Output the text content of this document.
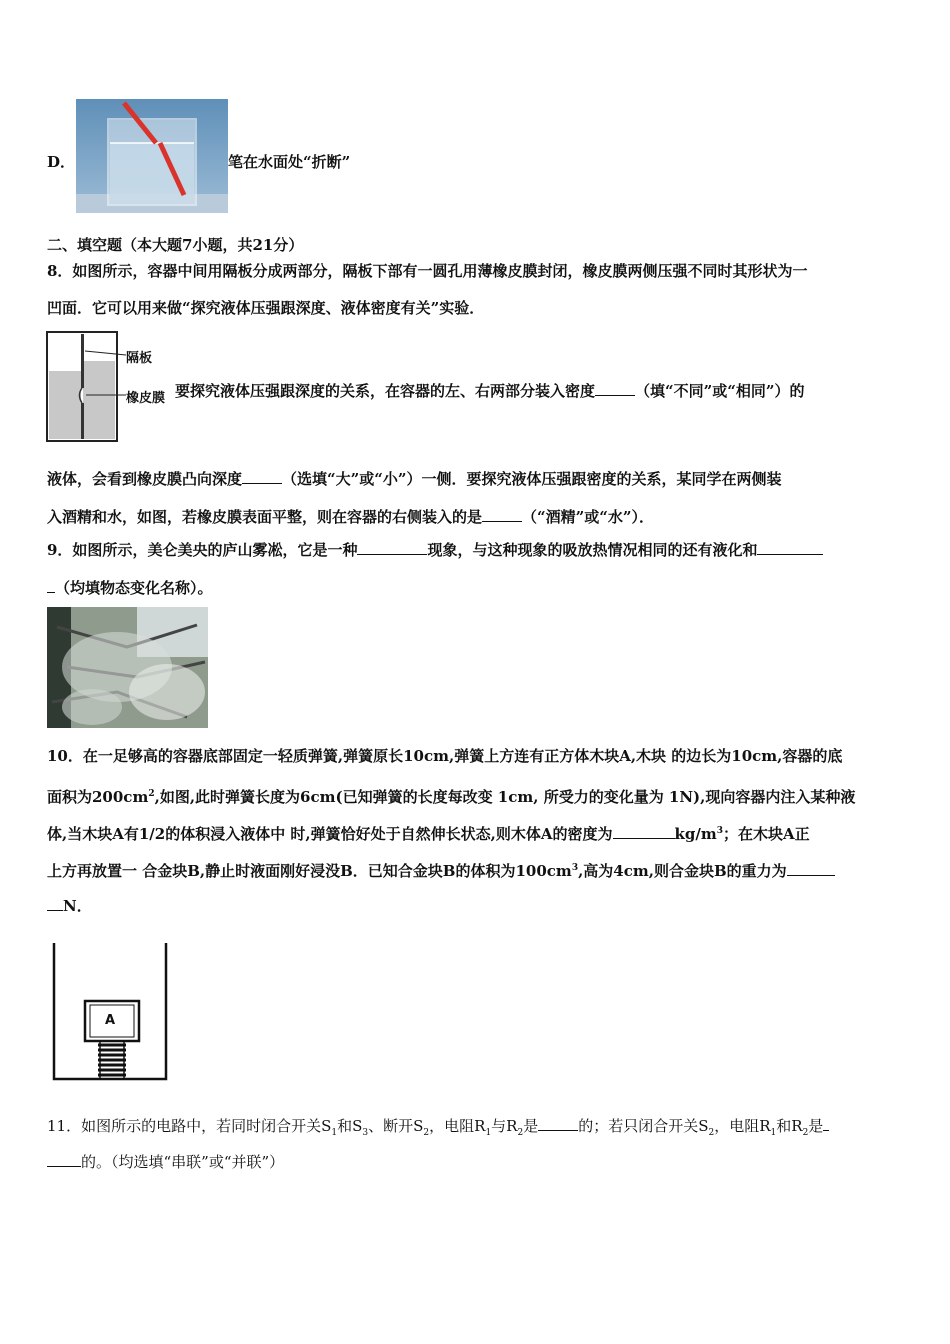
D．	笔在水面处“折断”
二、填空题（本大题7小题，共21分）
8．如图所示，容器中间用隔板分成两部分，隔板下部有一圆孔用薄橡皮膜封闭，橡皮膜两侧压强不同时其形状为一
凹面．它可以用来做“探究液体压强跟深度、液体密度有关”实验．
隔板
橡皮膜 要探究液体压强跟深度的关系，在容器的左、右两部分装入密度	（填“不同”或“相同”）的
液体，会看到橡皮膜凸向深度	（选填“大”或“小”）一侧．要探究液体压强跟密度的关系，某同学在两侧装
入酒精和水，如图，若橡皮膜表面平整，则在容器的右侧装入的是	（“酒精”或“水”）．
9．如图所示，美仑美央的庐山雾凇，它是一种	现象，与这种现象的吸放热情况相同的还有液化和
（均填物态变化名称）。
10．在一足够高的容器底部固定一轻质弹簧,弹簧原长10cm,弹簧上方连有正方体木块A,木块 的边长为10cm,容器的底
面积为$200cm^2$,如图,此时弹簧长度为6cm(已知弹簧的长度每改变 1cm, 所受力的变化量为 1N),现向容器内注入某种液
体,当木块A有1/2的体积浸入液体中 时,弹簧恰好处于自然伸长状态,则木体A的密度为	$kg/m^3$；在木块A正
上方再放置一 合金块B,静止时液面刚好浸没B．已知合金块B的体积为$100cm^3$,高为4cm,则合金块B的重力为
N．
A
11．如图所示的电路中，若同时闭合开关$S_1$和$S_3$、断开$S_2$，电阻$R_1$与$R_2$是	的；若只闭合开关$S_2$，电阻$R_1$和$R_2$是
的。（均选填“串联”或“并联”）
